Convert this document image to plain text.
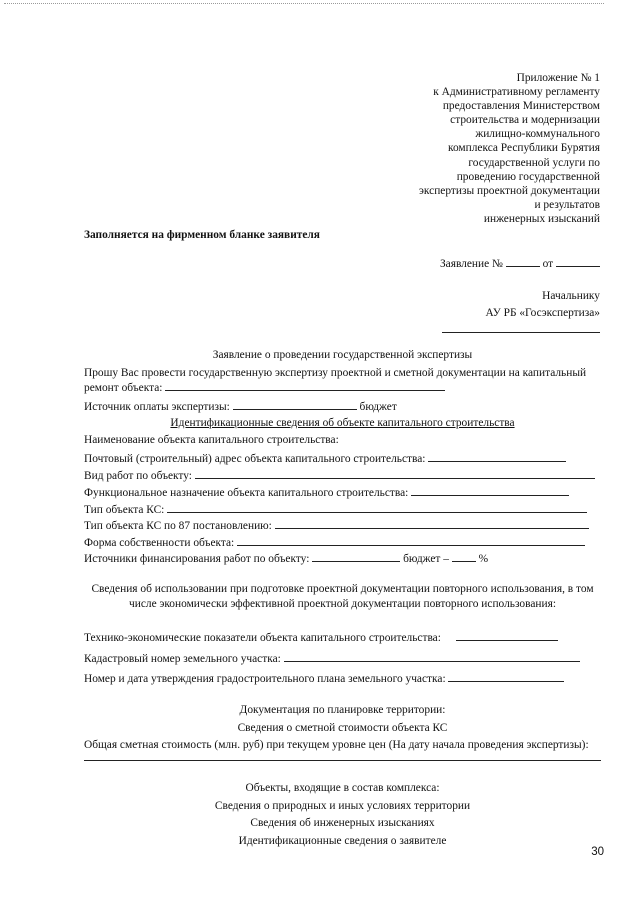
Приложение № 1
к Административному регламенту
предоставления Министерством
строительства и модернизации
жилищно-коммунального
комплекса Республики Бурятия
государственной услуги по
проведению государственной
экспертизы проектной документации
и результатов
инженерных изысканий
Заполняется на фирменном бланке заявителя
Заявление №	от
Начальнику
АУ РБ «Госэкспертиза»
Заявление о проведении государственной экспертизы
Прошу Вас провести государственную экспертизу проектной и сметной документации на капитальный
ремонт объекта:
Источник оплаты экспертизы:	бюджет
Идентификационные сведения об объекте капитального строительства
Наименование объекта капитального строительства:
Почтовый (строительный) адрес объекта капитального строительства:
Вид работ по объекту:
Функциональное назначение объекта капитального строительства:
Тип объекта КС:
Тип объекта КС по 87 постановлению:
Форма собственности объекта:
Источники финансирования работ по объекту:	бюджет –	%
Сведения об использовании при подготовке проектной документации повторного использования, в том
числе экономически эффективной проектной документации повторного использования:
Технико-экономические показатели объекта капитального строительства:
Кадастровый номер земельного участка:
Номер и дата утверждения градостроительного плана земельного участка:
Документация по планировке территории:
Сведения о сметной стоимости объекта КС
Общая сметная стоимость (млн. руб) при текущем уровне цен (На дату начала проведения экспертизы):
Объекты, входящие в состав комплекса:
Сведения о природных и иных условиях территории
Сведения об инженерных изысканиях
Идентификационные сведения о заявителе
30
